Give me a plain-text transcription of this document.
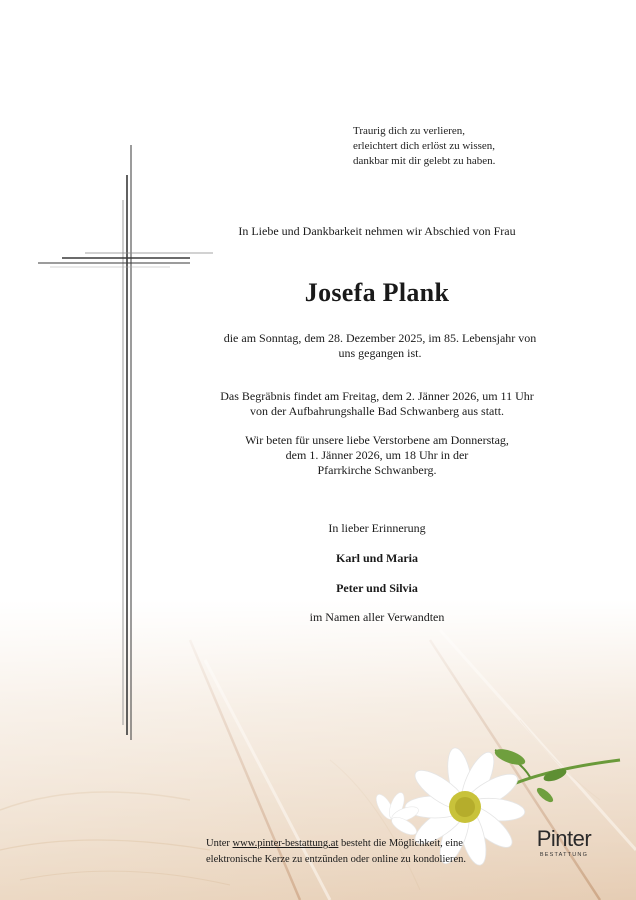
Traurig dich zu verlieren,
erleichtert dich erlöst zu wissen,
dankbar mit dir gelebt zu haben.
In Liebe und Dankbarkeit nehmen wir Abschied von Frau
Josefa Plank
die am Sonntag, dem 28. Dezember 2025, im 85. Lebensjahr von
uns gegangen ist.
Das Begräbnis findet am Freitag, dem 2. Jänner 2026, um 11 Uhr
von der Aufbahrungshalle Bad Schwanberg aus statt.
Wir beten für unsere liebe Verstorbene am Donnerstag,
dem 1. Jänner 2026, um 18 Uhr in der
Pfarrkirche Schwanberg.
In lieber Erinnerung
Karl und Maria
Peter und Silvia
im Namen aller Verwandten
Unter www.pinter-bestattung.at besteht die Möglichkeit, eine
elektronische Kerze zu entzünden oder online zu kondolieren.
Pinter
BESTATTUNG
